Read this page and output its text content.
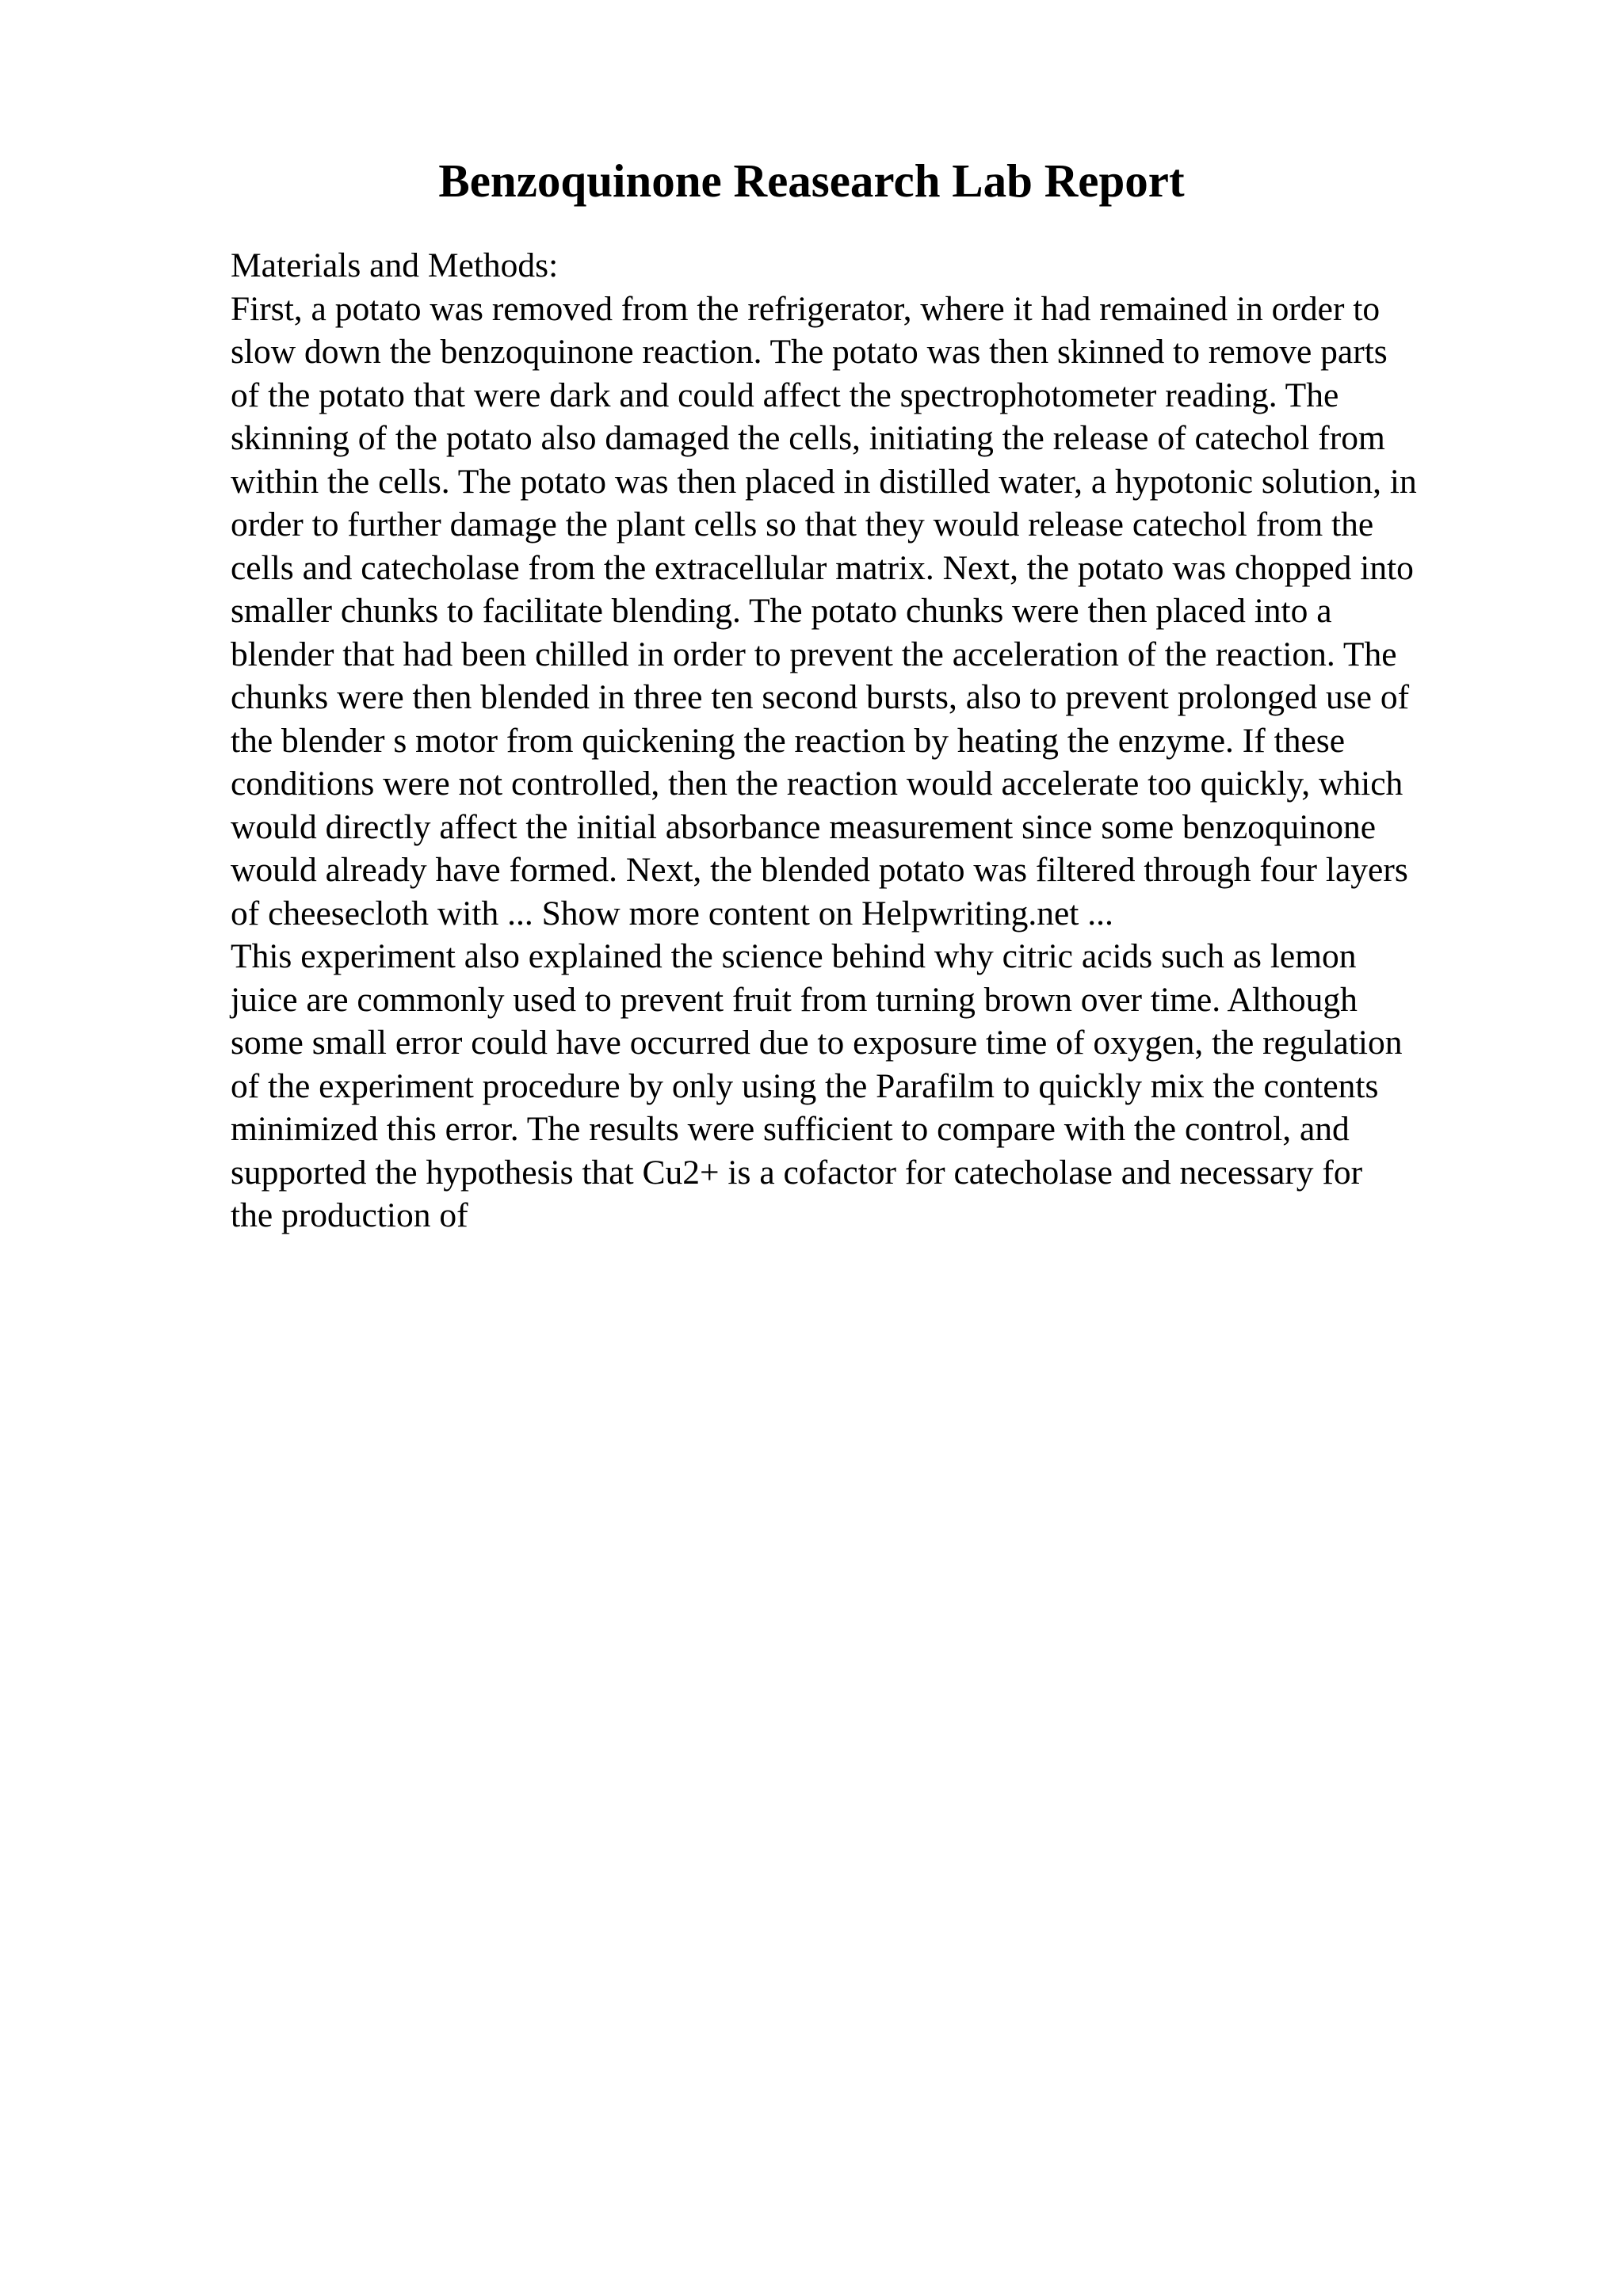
Benzoquinone Reasearch Lab Report
Materials and Methods:
First, a potato was removed from the refrigerator, where it had remained in order to
slow down the benzoquinone reaction. The potato was then skinned to remove parts
of the potato that were dark and could affect the spectrophotometer reading. The
skinning of the potato also damaged the cells, initiating the release of catechol from
within the cells. The potato was then placed in distilled water, a hypotonic solution, in
order to further damage the plant cells so that they would release catechol from the
cells and catecholase from the extracellular matrix. Next, the potato was chopped into
smaller chunks to facilitate blending. The potato chunks were then placed into a
blender that had been chilled in order to prevent the acceleration of the reaction. The
chunks were then blended in three ten second bursts, also to prevent prolonged use of
the blender s motor from quickening the reaction by heating the enzyme. If these
conditions were not controlled, then the reaction would accelerate too quickly, which
would directly affect the initial absorbance measurement since some benzoquinone
would already have formed. Next, the blended potato was filtered through four layers
of cheesecloth with ... Show more content on Helpwriting.net ...
This experiment also explained the science behind why citric acids such as lemon
juice are commonly used to prevent fruit from turning brown over time. Although
some small error could have occurred due to exposure time of oxygen, the regulation
of the experiment procedure by only using the Parafilm to quickly mix the contents
minimized this error. The results were sufficient to compare with the control, and
supported the hypothesis that Cu2+ is a cofactor for catecholase and necessary for
the production of
